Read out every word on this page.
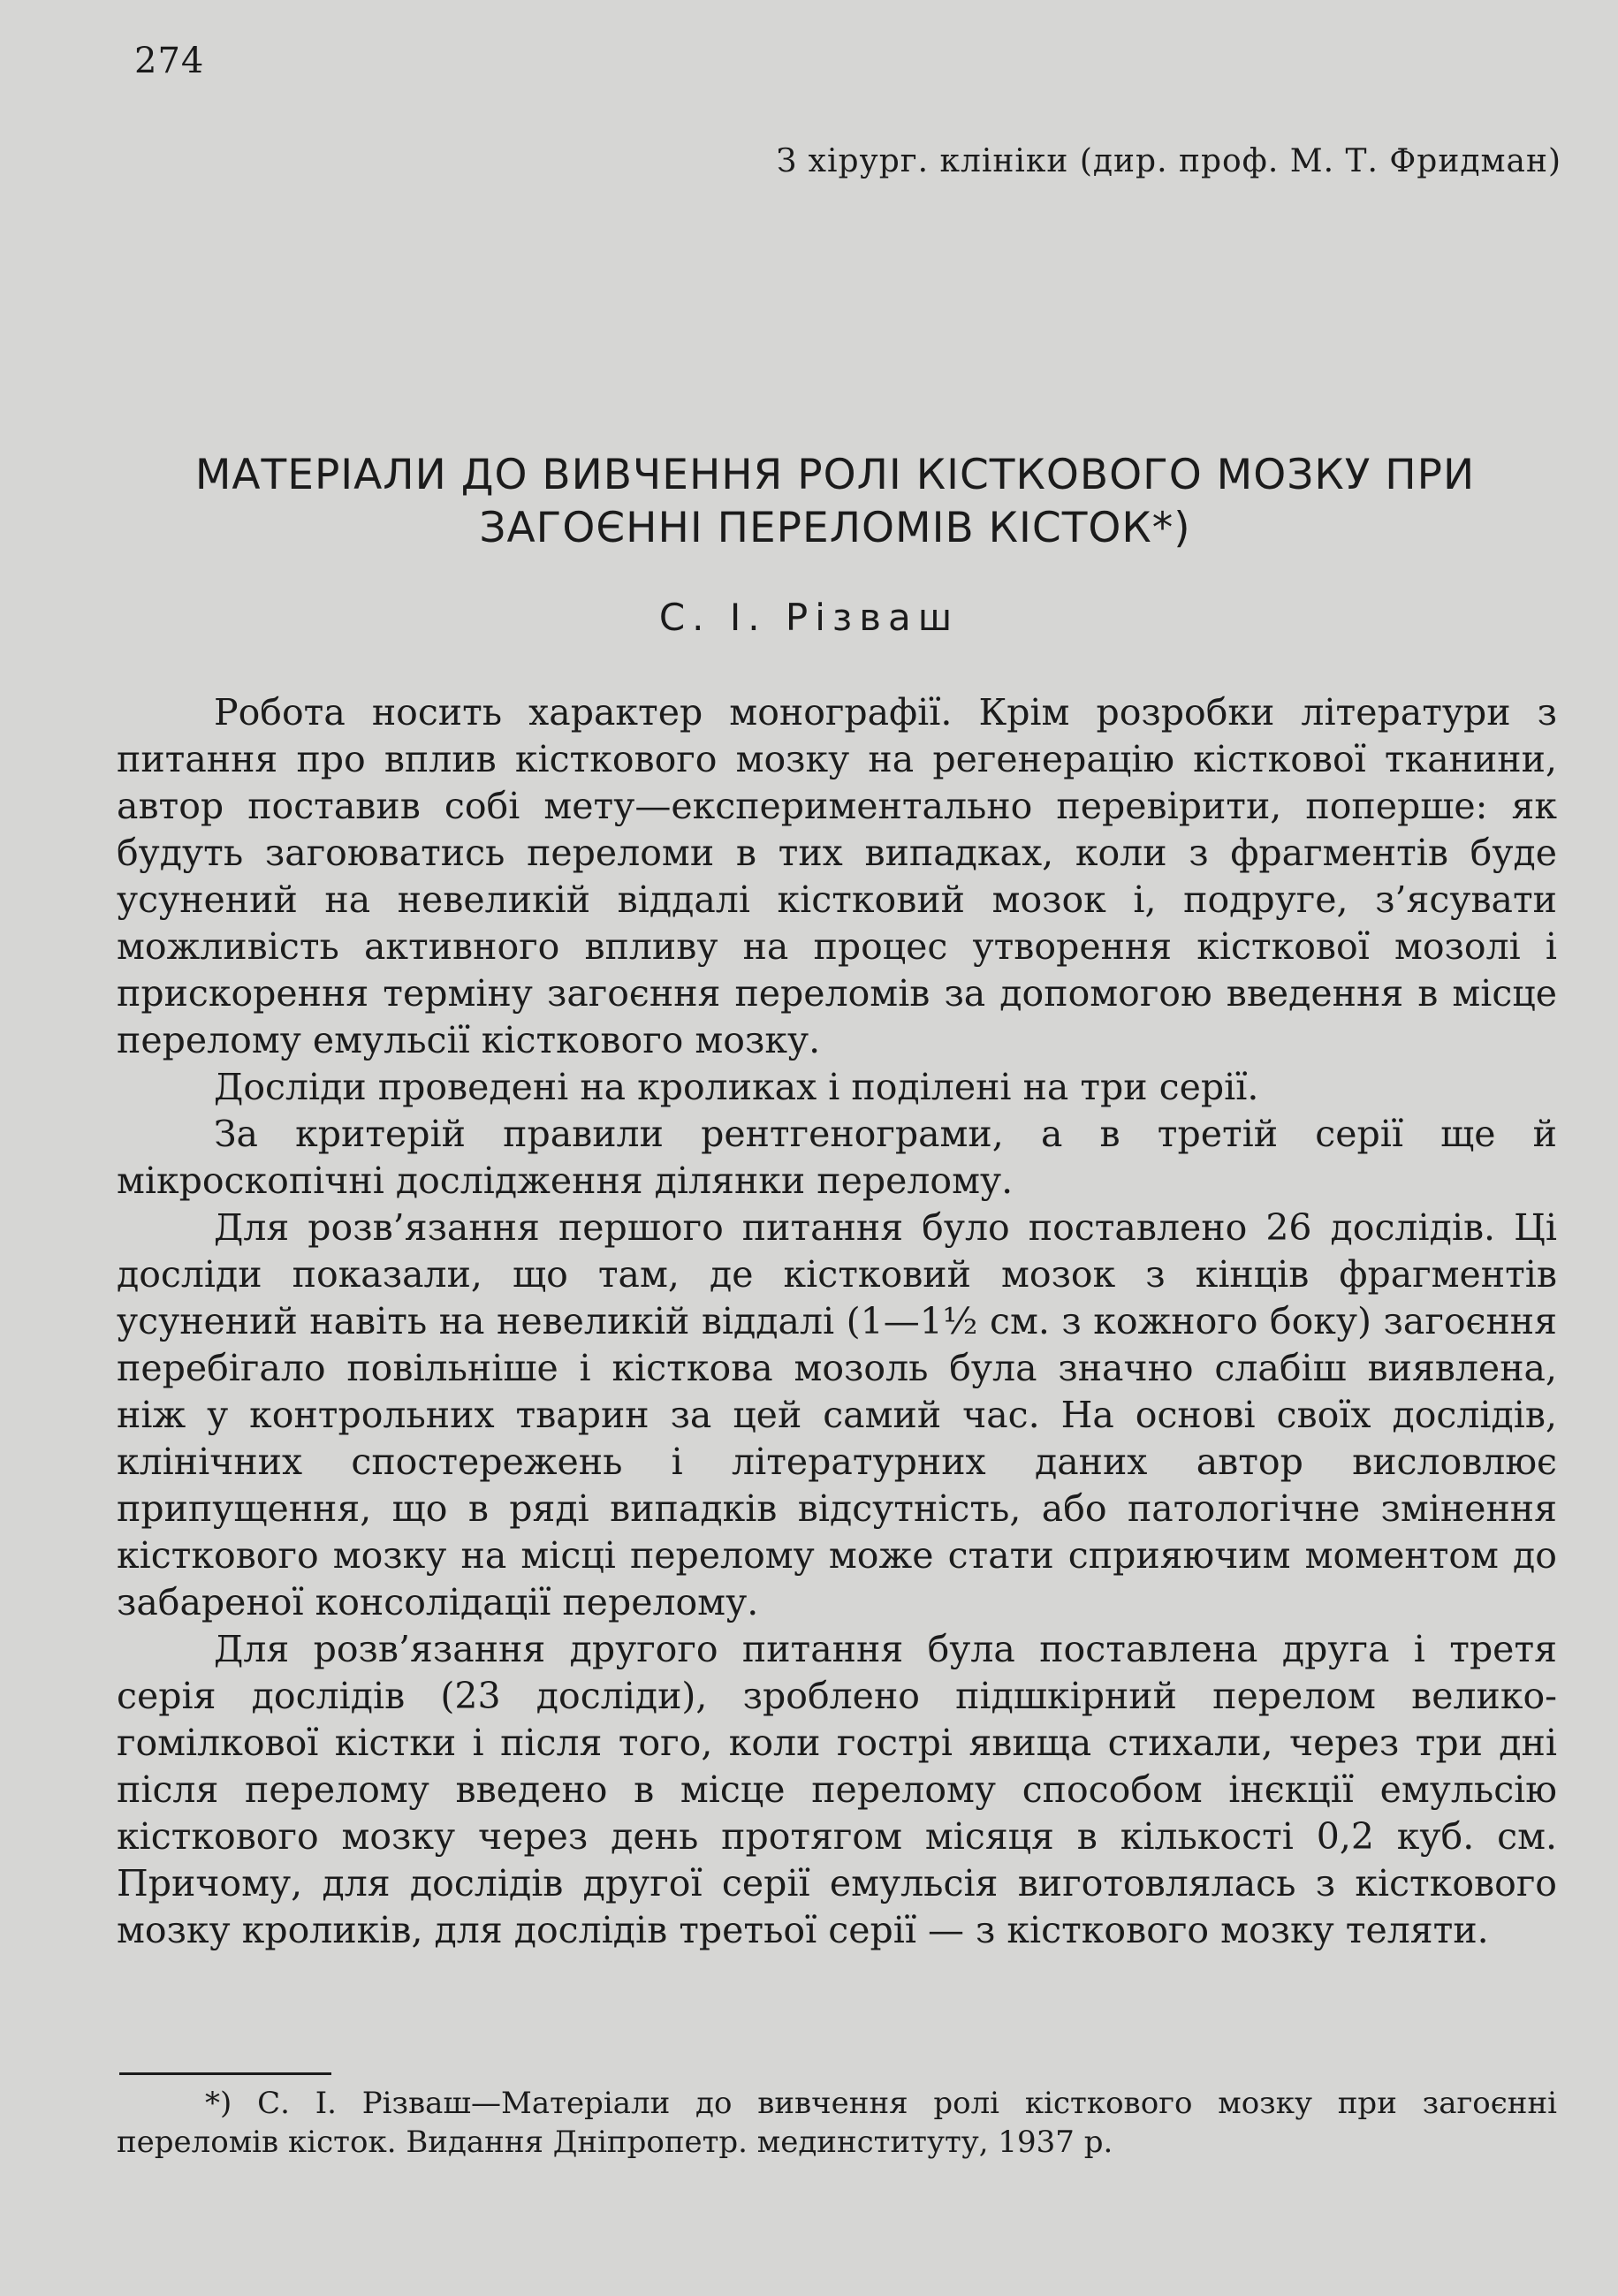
274
З хірург. клініки (дир. проф. М. Т. Фридман)
МАТЕРІАЛИ ДО ВИВЧЕННЯ РОЛІ КІСТКОВОГО МОЗКУ ПРИ
ЗАГОЄННІ ПЕРЕЛОМІВ КІСТОК*)
С. І. Різваш

Робота носить характер монографії. Крім розробки літератури з питання про вплив кісткового мозку на регенерацію кісткової тканини, автор поставив собі мету—експериментально перевірити, поперше: як будуть загоюватись переломи в тих випадках, коли з фрагментів буде усунений на невеликій віддалі кістковий мозок і, подруге, з’ясувати можливість активного впливу на процес утворення кісткової мозолі і прискорення терміну загоєння переломів за допомогою введення в місце перелому емульсії кісткового мозку.

Досліди проведені на кроликах і поділені на три серії.

За критерій правили рентгенограми, а в третій серії ще й мікроскопічні дослідження ділянки перелому.

Для розв’язання першого питання було поставлено 26 дослідів. Ці досліди показали, що там, де кістковий мозок з кінців фрагментів усунений навіть на невеликій віддалі (1—1½ см. з кожного боку) загоєння перебігало повільніше і кісткова мозоль була значно слабіш виявлена, ніж у контрольних тварин за цей самий час. На основі своїх дослідів, клінічних спостережень і літературних даних автор висловлює припущення, що в ряді випадків відсутність, або патологічне змінення кісткового мозку на місці перелому може стати сприяючим моментом до забареної консолідації перелому.

Для розв’язання другого питання була поставлена друга і третя серія дослідів (23 досліди), зроблено підшкірний перелом велико-гомілкової кістки і після того, коли гострі явища стихали, через три дні після перелому введено в місце перелому способом інєкції емульсію кісткового мозку через день протягом місяця в кількості 0,2 куб. см. Причому, для дослідів другої серії емульсія виготовлялась з кісткового мозку кроликів, для дослідів третьої серії — з кісткового мозку теляти.

*) С. І. Різваш—Матеріали до вивчення ролі кісткового мозку при загоєнні переломів кісток. Видання Дніпропетр. мединституту, 1937 р.
